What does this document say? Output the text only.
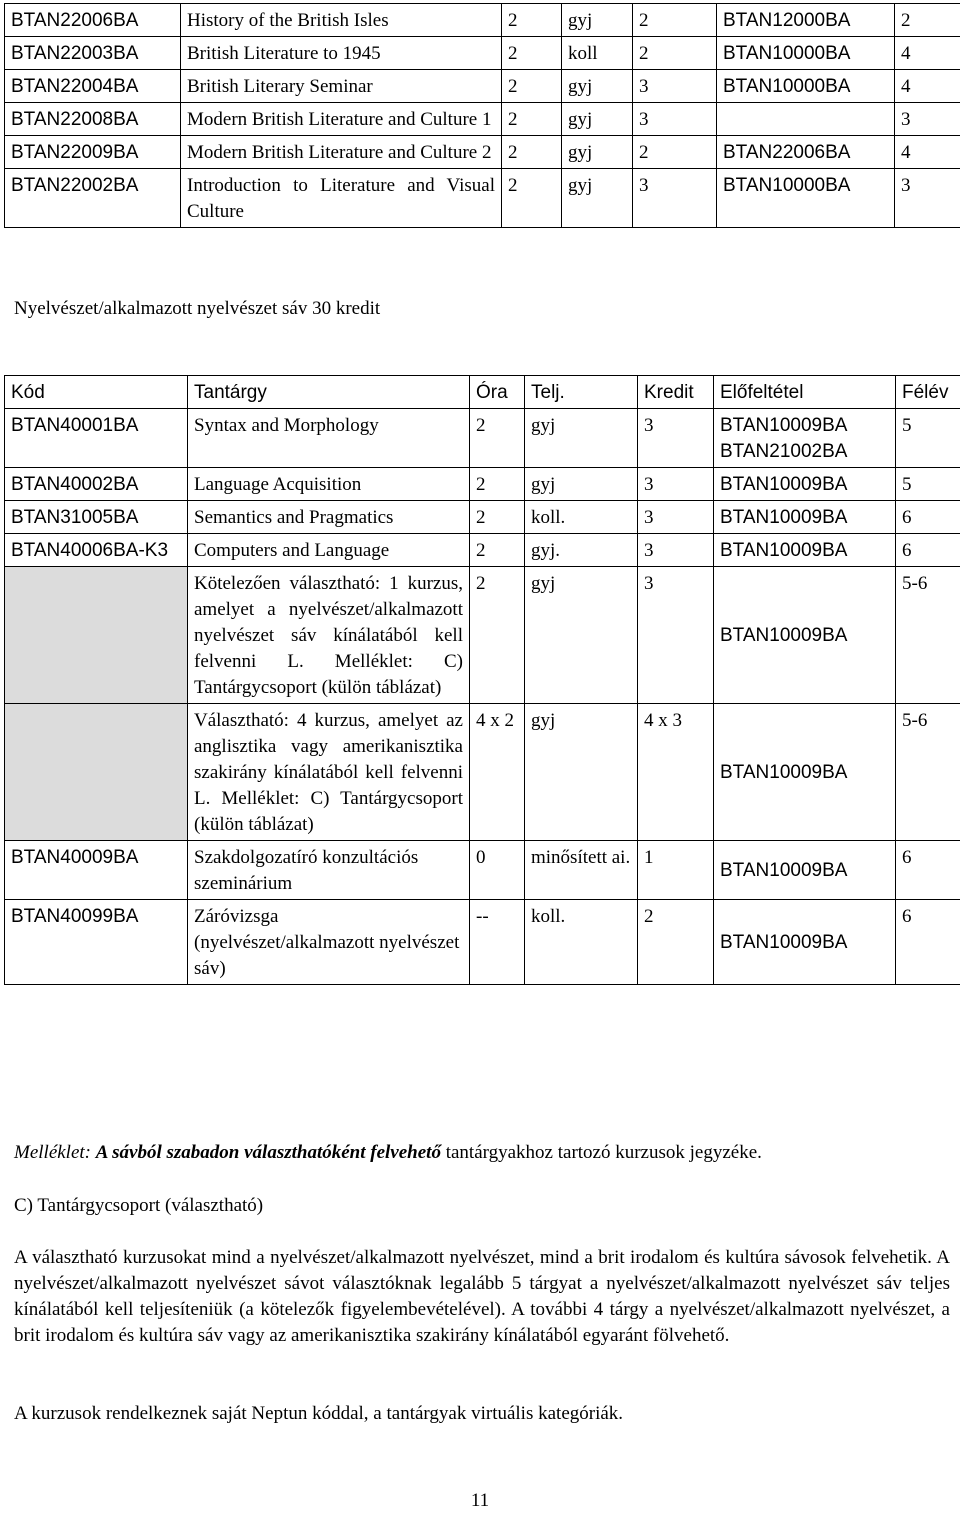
BTAN22006BA	History of the British Isles	2	gyj	2	BTAN12000BA	2
BTAN22003BA	British Literature to 1945	2	koll	2	BTAN10000BA	4
BTAN22004BA	British Literary Seminar	2	gyj	3	BTAN10000BA	4
BTAN22008BA	Modern British Literature and Culture 1	2	gyj	3		3
BTAN22009BA	Modern British Literature and Culture 2	2	gyj	2	BTAN22006BA	4
BTAN22002BA	Introduction to Literature and Visual Culture	2	gyj	3	BTAN10000BA	3

Nyelvészet/alkalmazott nyelvészet sáv 30 kredit

Kód	Tantárgy	Óra	Telj.	Kredit	Előfeltétel	Félév
BTAN40001BA	Syntax and Morphology	2	gyj	3	BTAN10009BA BTAN21002BA	5
BTAN40002BA	Language Acquisition	2	gyj	3	BTAN10009BA	5
BTAN31005BA	Semantics and Pragmatics	2	koll.	3	BTAN10009BA	6
BTAN40006BA-K3	Computers and Language	2	gyj.	3	BTAN10009BA	6
	Kötelezően választható: 1 kurzus, amelyet a nyelvészet/alkalmazott nyelvészet sáv kínálatából kell felvenni L. Melléklet: C) Tantárgycsoport (külön táblázat)	2	gyj	3	BTAN10009BA	5-6
	Választható: 4 kurzus, amelyet az anglisztika vagy amerikanisztika szakirány kínálatából kell felvenni L. Melléklet: C) Tantárgycsoport (külön táblázat)	4 x 2	gyj	4 x 3	BTAN10009BA	5-6
BTAN40009BA	Szakdolgozatíró konzultációs szeminárium	0	minősített ai.	1	BTAN10009BA	6
BTAN40099BA	Záróvizsga (nyelvészet/alkalmazott nyelvészet sáv)	--	koll.	2	BTAN10009BA	6

Melléklet: A sávból szabadon választhatóként felvehető tantárgyakhoz tartozó kurzusok jegyzéke.

C) Tantárgycsoport (választható)

A választható kurzusokat mind a nyelvészet/alkalmazott nyelvészet, mind a brit irodalom és kultúra sávosok felvehetik. A nyelvészet/alkalmazott nyelvészet sávot választóknak legalább 5 tárgyat a nyelvészet/alkalmazott nyelvészet sáv teljes kínálatából kell teljesíteniük (a kötelezők figyelembevételével). A további 4 tárgy a nyelvészet/alkalmazott nyelvészet, a brit irodalom és kultúra sáv vagy az amerikanisztika szakirány kínálatából egyaránt fölvehető.

A kurzusok rendelkeznek saját Neptun kóddal, a tantárgyak virtuális kategóriák.

11
